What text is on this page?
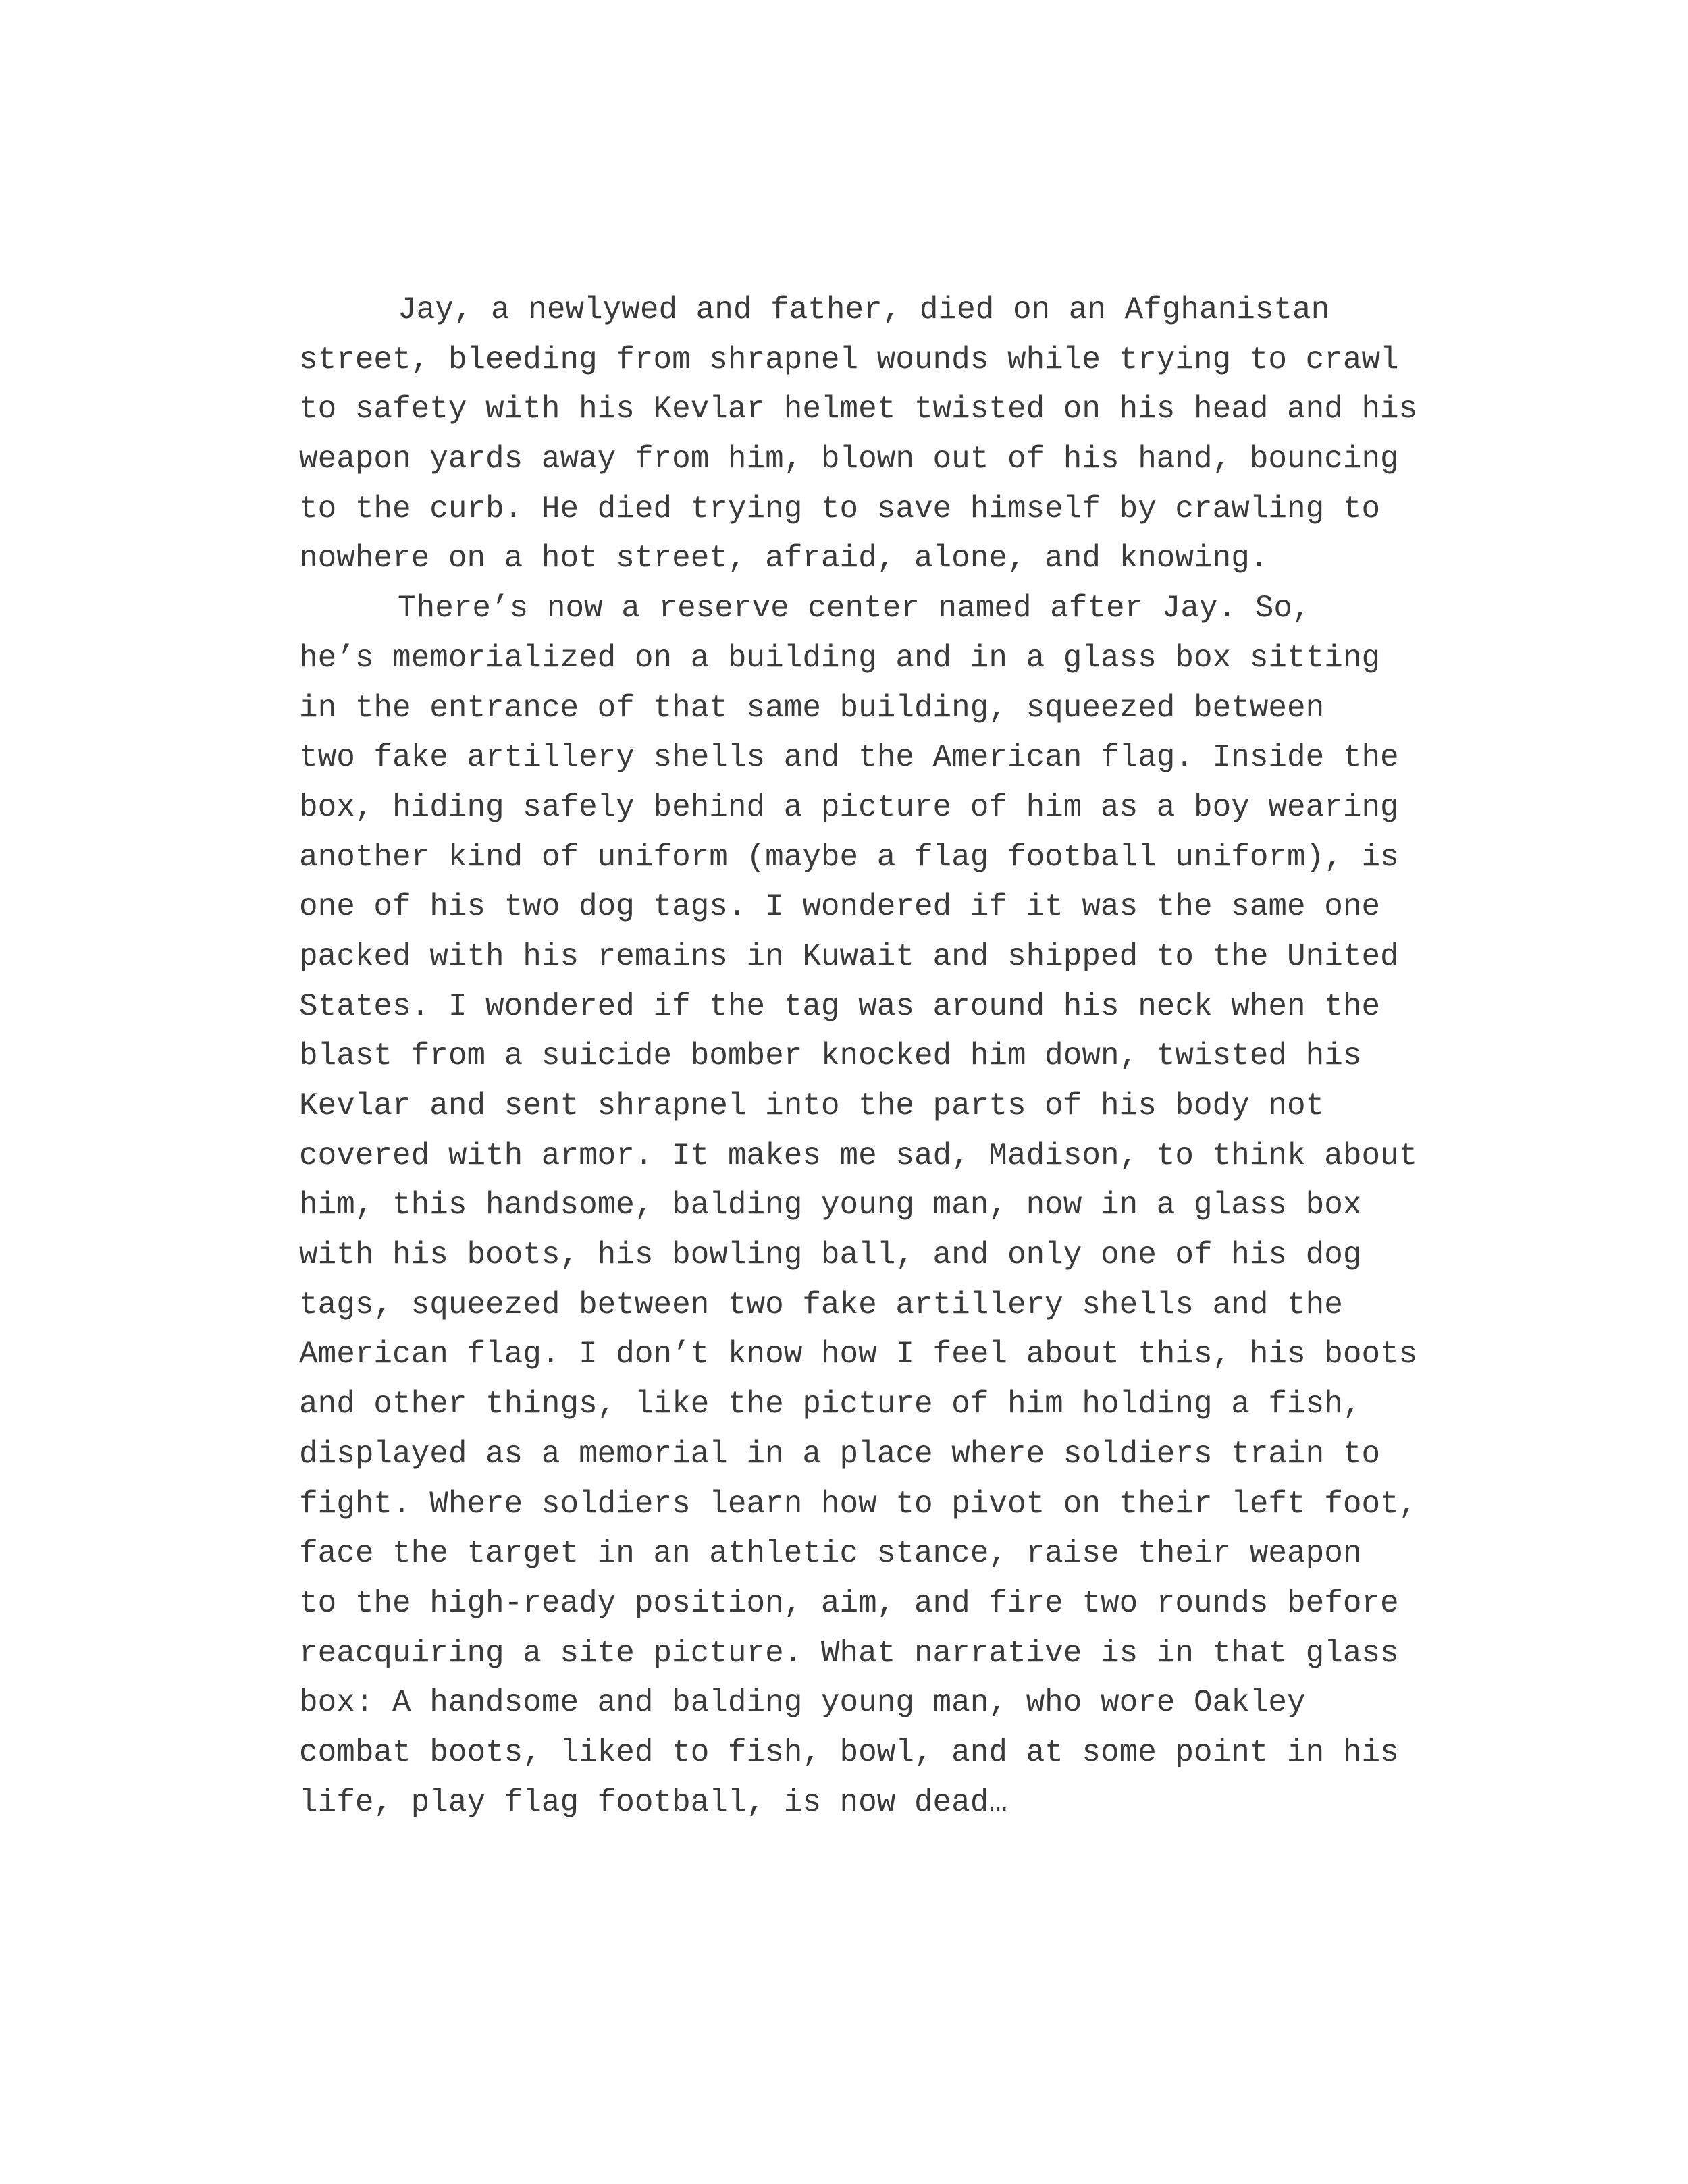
Jay, a newlywed and father, died on an Afghanistan
street, bleeding from shrapnel wounds while trying to crawl
to safety with his Kevlar helmet twisted on his head and his
weapon yards away from him, blown out of his hand, bouncing
to the curb. He died trying to save himself by crawling to
nowhere on a hot street, afraid, alone, and knowing.
There’s now a reserve center named after Jay. So,
he’s memorialized on a building and in a glass box sitting
in the entrance of that same building, squeezed between
two fake artillery shells and the American flag. Inside the
box, hiding safely behind a picture of him as a boy wearing
another kind of uniform (maybe a flag football uniform), is
one of his two dog tags. I wondered if it was the same one
packed with his remains in Kuwait and shipped to the United
States. I wondered if the tag was around his neck when the
blast from a suicide bomber knocked him down, twisted his
Kevlar and sent shrapnel into the parts of his body not
covered with armor. It makes me sad, Madison, to think about
him, this handsome, balding young man, now in a glass box
with his boots, his bowling ball, and only one of his dog
tags, squeezed between two fake artillery shells and the
American flag. I don’t know how I feel about this, his boots
and other things, like the picture of him holding a fish,
displayed as a memorial in a place where soldiers train to
fight. Where soldiers learn how to pivot on their left foot,
face the target in an athletic stance, raise their weapon
to the high-ready position, aim, and fire two rounds before
reacquiring a site picture. What narrative is in that glass
box: A handsome and balding young man, who wore Oakley
combat boots, liked to fish, bowl, and at some point in his
life, play flag football, is now dead…
